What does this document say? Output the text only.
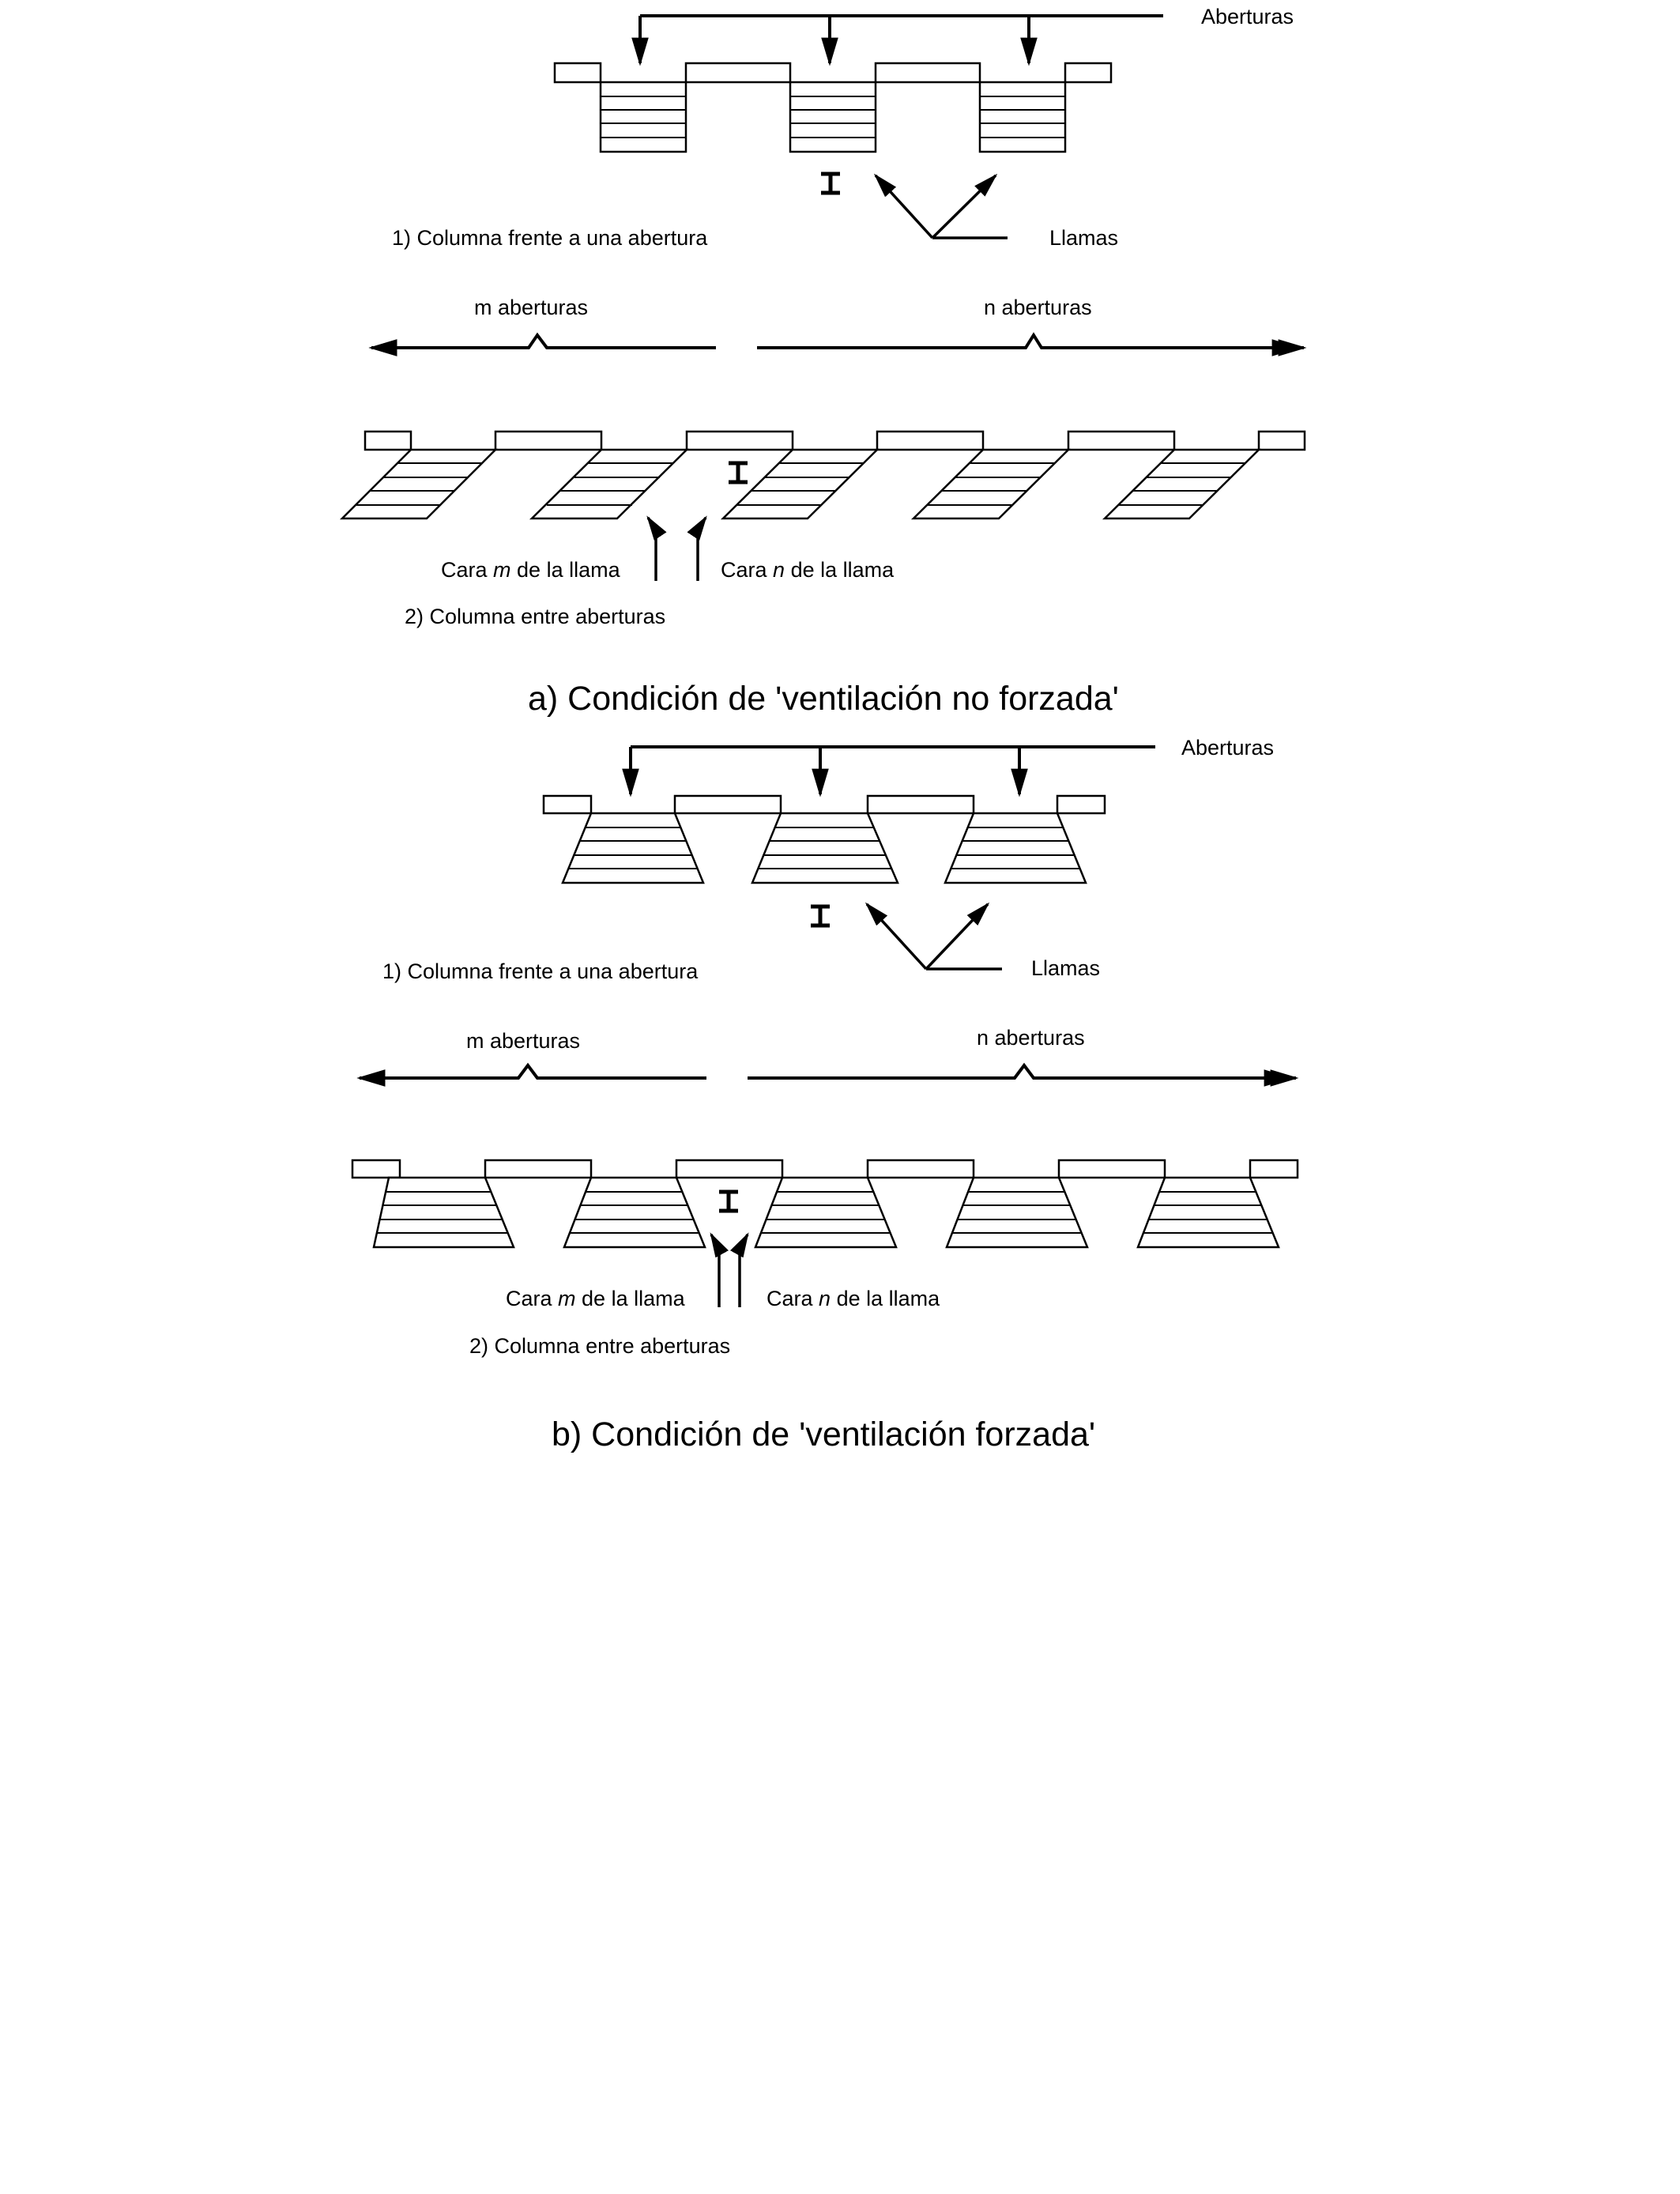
Aberturas
Llamas
1) Columna frente a una abertura
m aberturas	n aberturas
Cara m de la llama	Cara n de la llama
2) Columna entre aberturas
a) Condición de 'ventilación no forzada'
Aberturas
Llamas
1) Columna frente a una abertura
m aberturas	n aberturas
Cara m de la llama	Cara n de la llama
2) Columna entre aberturas
b) Condición de 'ventilación forzada'
